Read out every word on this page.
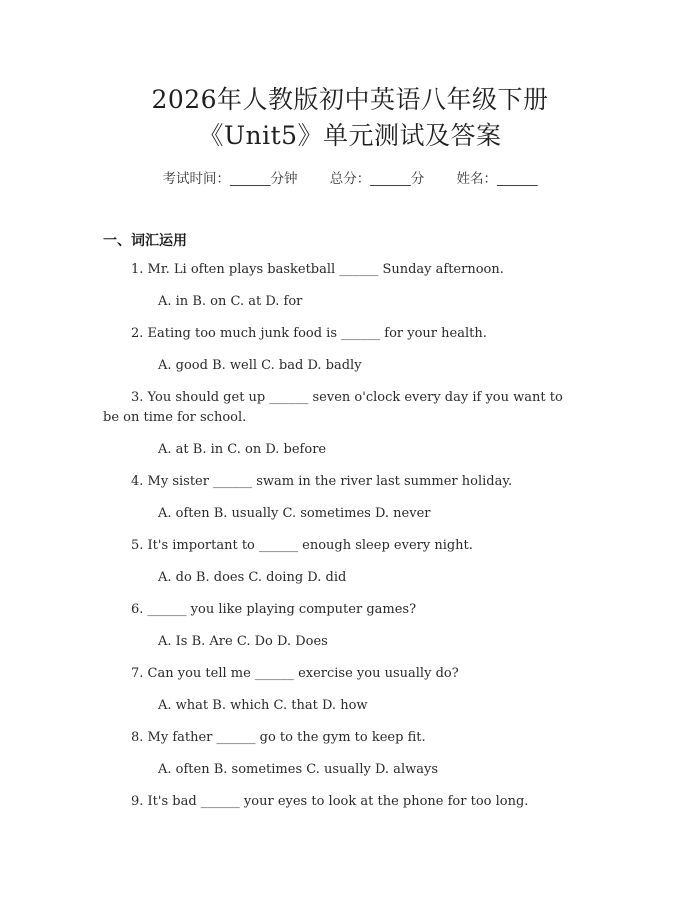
2026年人教版初中英语八年级下册
《Unit5》单元测试及答案
考试时间：______分钟 总分：______分 姓名：______
一、词汇运用
1. Mr. Li often plays basketball ______ Sunday afternoon.
A. in B. on C. at D. for
2. Eating too much junk food is ______ for your health.
A. good B. well C. bad D. badly
3. You should get up ______ seven o'clock every day if you want to
be on time for school.
A. at B. in C. on D. before
4. My sister ______ swam in the river last summer holiday.
A. often B. usually C. sometimes D. never
5. It's important to ______ enough sleep every night.
A. do B. does C. doing D. did
6. ______ you like playing computer games?
A. Is B. Are C. Do D. Does
7. Can you tell me ______ exercise you usually do?
A. what B. which C. that D. how
8. My father ______ go to the gym to keep fit.
A. often B. sometimes C. usually D. always
9. It's bad ______ your eyes to look at the phone for too long.
